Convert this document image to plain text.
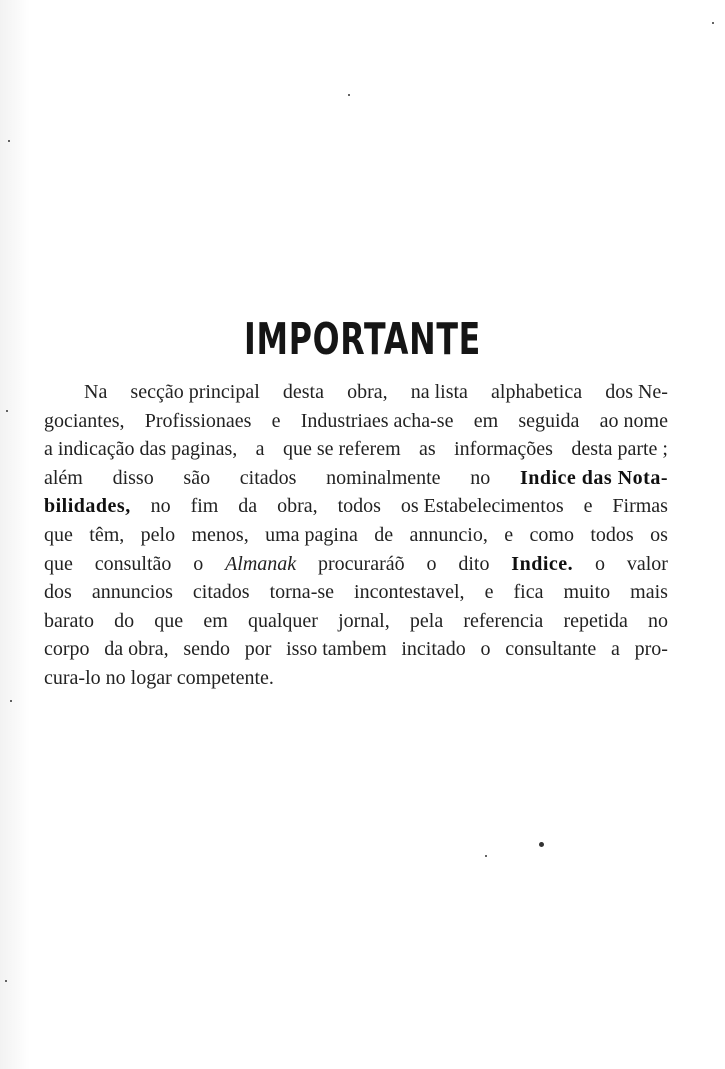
IMPORTANTE
Na secção principal desta obra, na lista alphabetica dos Ne-
gociantes, Profissionaes e Industriaes acha-se em seguida ao nome
a indicação das paginas, a que se referem as informações desta parte ;
além disso são citados nominalmente no Indice das Nota-
bilidades, no fim da obra, todos os Estabelecimentos e Firmas
que têm, pelo menos, uma pagina de annuncio, e como todos os
que consultão o Almanak procuraráõ o dito Indice. o valor
dos annuncios citados torna-se incontestavel, e fica muito mais
barato do que em qualquer jornal, pela referencia repetida no
corpo da obra, sendo por isso tambem incitado o consultante a pro-
cura-lo
no logar
competente.
